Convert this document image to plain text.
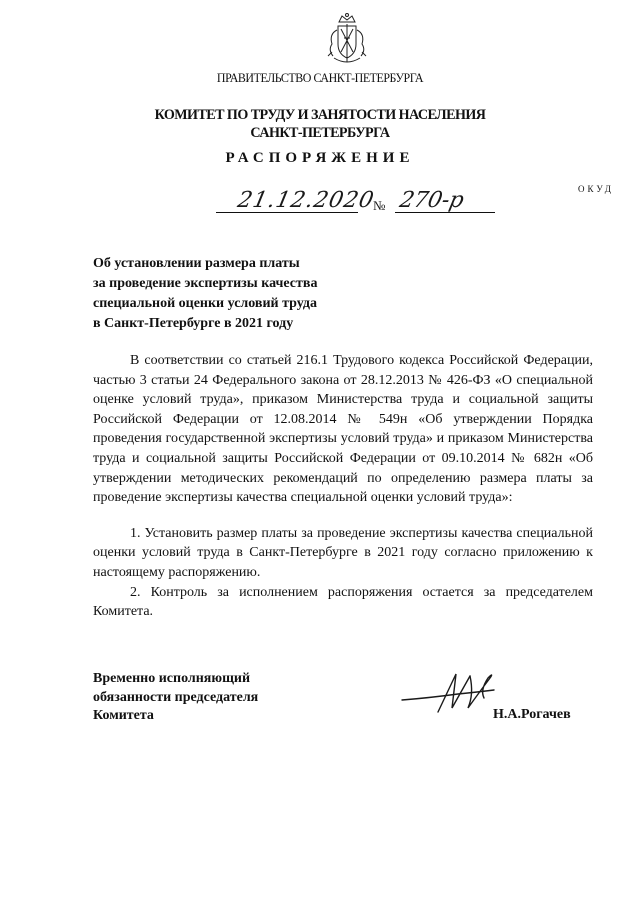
ПРАВИТЕЛЬСТВО САНКТ-ПЕТЕРБУРГА
КОМИТЕТ ПО ТРУДУ И ЗАНЯТОСТИ НАСЕЛЕНИЯ
САНКТ-ПЕТЕРБУРГА
РАСПОРЯЖЕНИЕ
ОКУД
21.12.2020
№ 270-р
Об установлении размера платы
за проведение экспертизы качества
специальной оценки условий труда
в Санкт-Петербурге в 2021 году

В соответствии со статьей 216.1 Трудового кодекса Российской Федерации, частью 3 статьи 24 Федерального закона от 28.12.2013 № 426-ФЗ «О специальной оценке условий труда», приказом Министерства труда и социальной защиты Российской Федерации от 12.08.2014 № 549н «Об утверждении Порядка проведения государственной экспертизы условий труда» и приказом Министерства труда и социальной защиты Российской Федерации от 09.10.2014 № 682н «Об утверждении методических рекомендаций по определению размера платы за проведение экспертизы качества специальной оценки условий труда»:

1. Установить размер платы за проведение экспертизы качества специальной оценки условий труда в Санкт-Петербурге в 2021 году согласно приложению к настоящему распоряжению.

2. Контроль за исполнением распоряжения остается за председателем Комитета.

Временно исполняющий
обязанности председателя
Комитета	Н.А.Рогачев
